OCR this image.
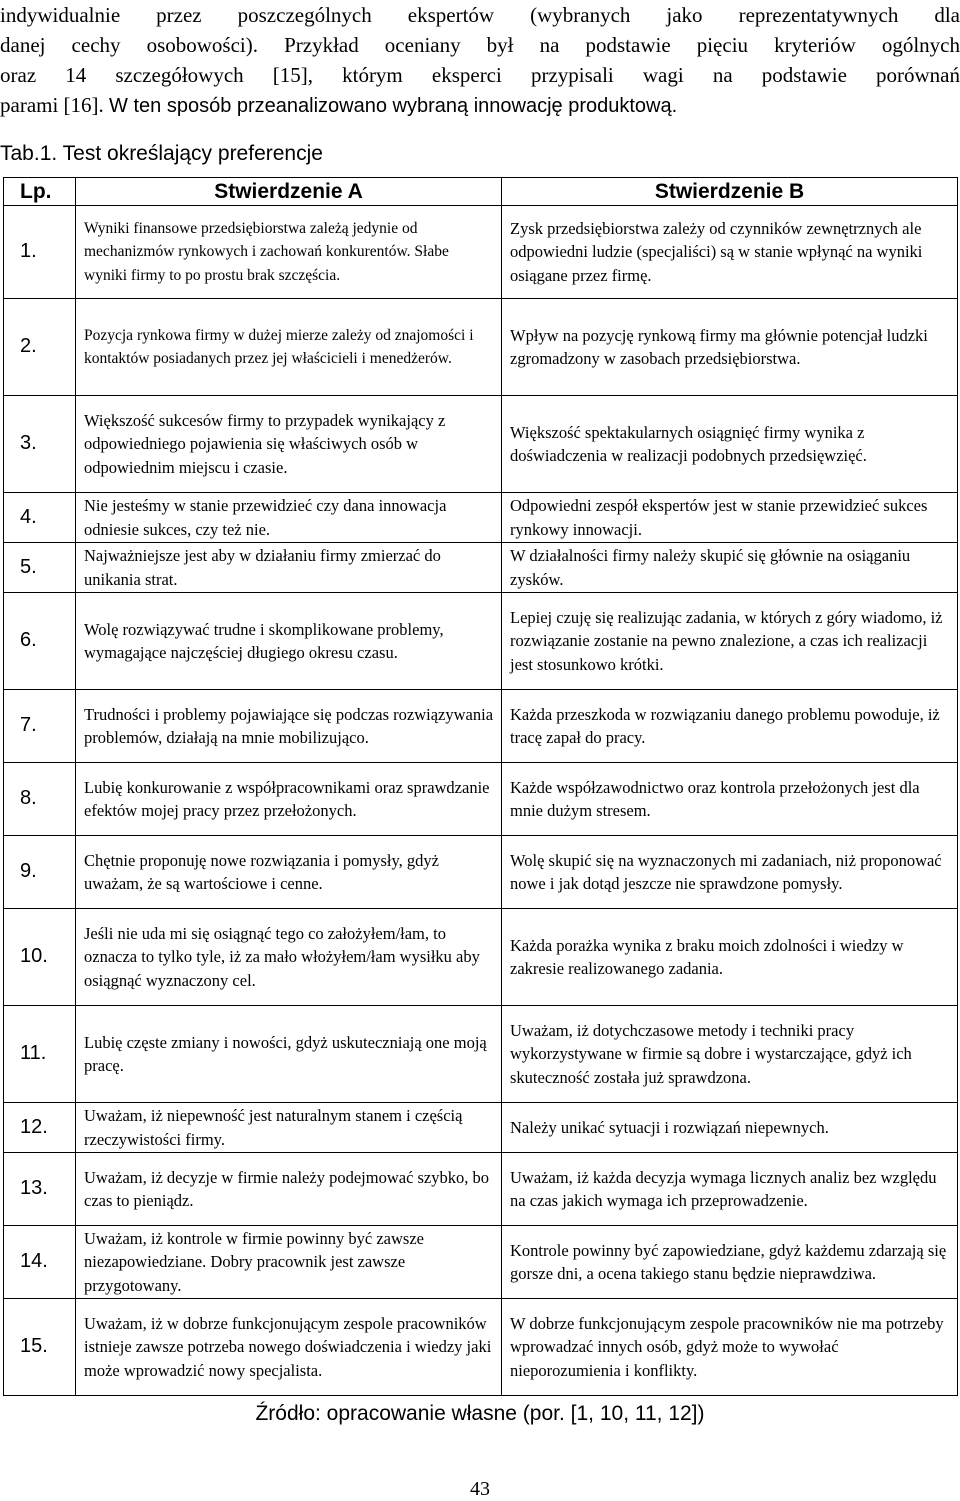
indywidualnie przez poszczególnych ekspertów (wybranych jako reprezentatywnych dla
danej cechy osobowości). Przykład oceniany był na podstawie pięciu kryteriów ogólnych
oraz 14 szczegółowych [15], którym eksperci przypisali wagi na podstawie porównań
parami [16]. W ten sposób przeanalizowano wybraną innowację produktową.
Tab.1. Test określający preferencje
Lp.	Stwierdzenie A	Stwierdzenie B
1.	Wyniki finansowe przedsiębiorstwa zależą jedynie od mechanizmów rynkowych i zachowań konkurentów. Słabe wyniki firmy to po prostu brak szczęścia.	Zysk przedsiębiorstwa zależy od czynników zewnętrznych ale odpowiedni ludzie (specjaliści) są w stanie wpłynąć na wyniki osiągane przez firmę.
2.	Pozycja rynkowa firmy w dużej mierze zależy od znajomości i kontaktów posiadanych przez jej właścicieli i menedżerów.	Wpływ na pozycję rynkową firmy ma głównie potencjał ludzki zgromadzony w zasobach przedsiębiorstwa.
3.	Większość sukcesów firmy to przypadek wynikający z odpowiedniego pojawienia się właściwych osób w odpowiednim miejscu i czasie.	Większość spektakularnych osiągnięć firmy wynika z doświadczenia w realizacji podobnych przedsięwzięć.
4.	Nie jesteśmy w stanie przewidzieć czy dana innowacja odniesie sukces, czy też nie.	Odpowiedni zespół ekspertów jest w stanie przewidzieć sukces rynkowy innowacji.
5.	Najważniejsze jest aby w działaniu firmy zmierzać do unikania strat.	W działalności firmy należy skupić się głównie na osiąganiu zysków.
6.	Wolę rozwiązywać trudne i skomplikowane problemy, wymagające najczęściej długiego okresu czasu.	Lepiej czuję się realizując zadania, w których z góry wiadomo, iż rozwiązanie zostanie na pewno znalezione, a czas ich realizacji jest stosunkowo krótki.
7.	Trudności i problemy pojawiające się podczas rozwiązywania problemów, działają na mnie mobilizująco.	Każda przeszkoda w rozwiązaniu danego problemu powoduje, iż tracę zapał do pracy.
8.	Lubię konkurowanie z współpracownikami oraz sprawdzanie efektów mojej pracy przez przełożonych.	Każde współzawodnictwo oraz kontrola przełożonych jest dla mnie dużym stresem.
9.	Chętnie proponuję nowe rozwiązania i pomysły, gdyż uważam, że są wartościowe i cenne.	Wolę skupić się na wyznaczonych mi zadaniach, niż proponować nowe i jak dotąd jeszcze nie sprawdzone pomysły.
10.	Jeśli nie uda mi się osiągnąć tego co założyłem/łam, to oznacza to tylko tyle, iż za mało włożyłem/łam wysiłku aby osiągnąć wyznaczony cel.	Każda porażka wynika z braku moich zdolności i wiedzy w zakresie realizowanego zadania.
11.	Lubię częste zmiany i nowości, gdyż uskuteczniają one moją pracę.	Uważam, iż dotychczasowe metody i techniki pracy wykorzystywane w firmie są dobre i wystarczające, gdyż ich skuteczność została już sprawdzona.
12.	Uważam, iż niepewność jest naturalnym stanem i częścią rzeczywistości firmy.	Należy unikać sytuacji i rozwiązań niepewnych.
13.	Uważam, iż decyzje w firmie należy podejmować szybko, bo czas to pieniądz.	Uważam, iż każda decyzja wymaga licznych analiz bez względu na czas jakich wymaga ich przeprowadzenie.
14.	Uważam, iż kontrole w firmie powinny być zawsze niezapowiedziane. Dobry pracownik jest zawsze przygotowany.	Kontrole powinny być zapowiedziane, gdyż każdemu zdarzają się gorsze dni, a ocena takiego stanu będzie nieprawdziwa.
15.	Uważam, iż w dobrze funkcjonującym zespole pracowników istnieje zawsze potrzeba nowego doświadczenia i wiedzy jaki może wprowadzić nowy specjalista.	W dobrze funkcjonującym zespole pracowników nie ma potrzeby wprowadzać innych osób, gdyż może to wywołać nieporozumienia i konflikty.
Źródło: opracowanie własne (por. [1, 10, 11, 12])
43
